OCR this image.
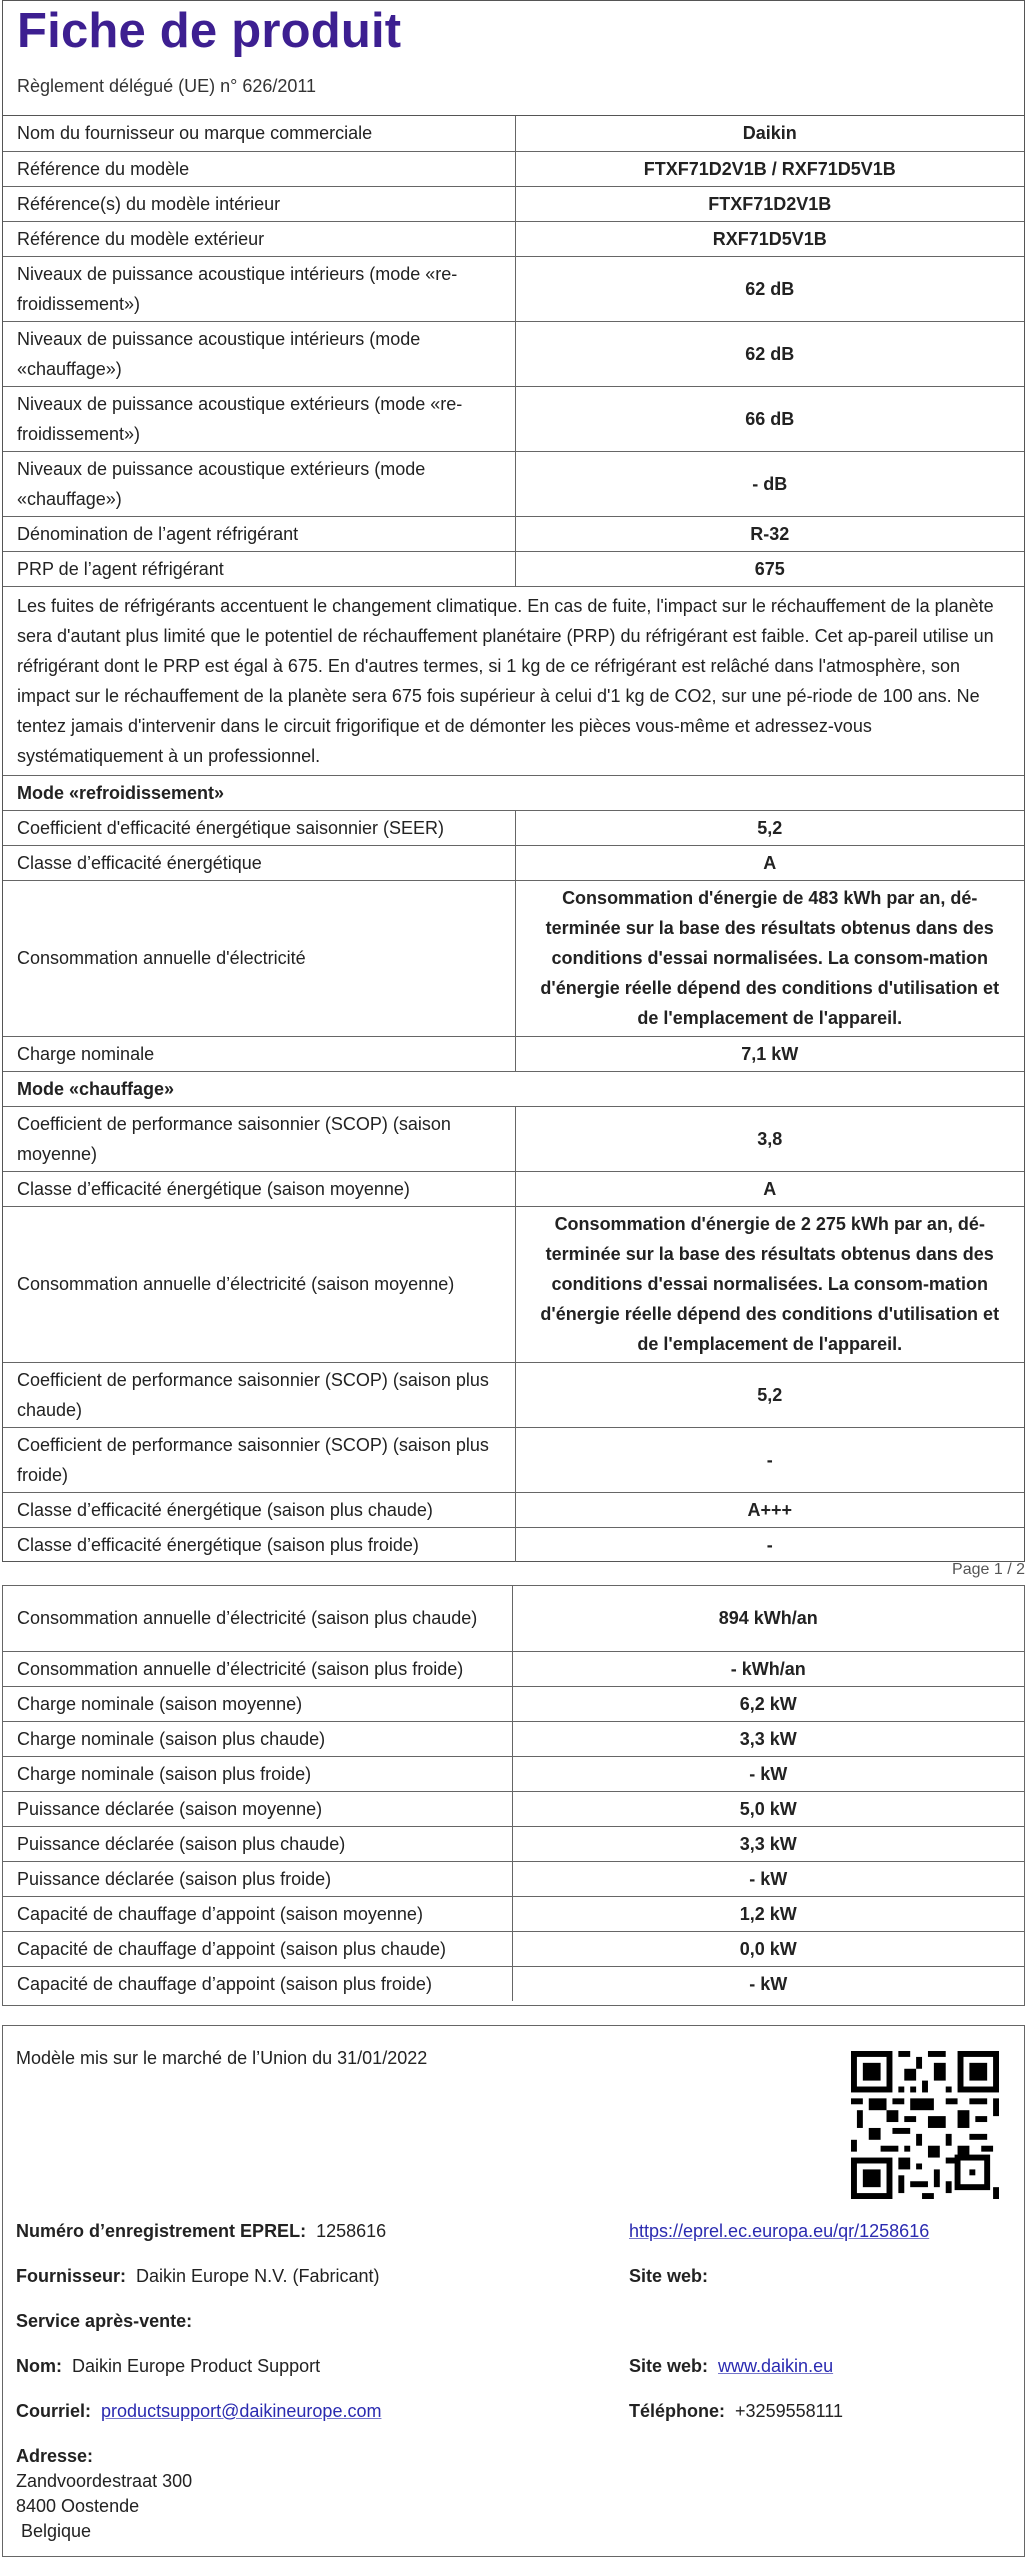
Fiche de produit
Règlement délégué (UE) n° 626/2011
Nom du fournisseur ou marque commerciale	Daikin
Référence du modèle	FTXF71D2V1B / RXF71D5V1B
Référence(s) du modèle intérieur	FTXF71D2V1B
Référence du modèle extérieur	RXF71D5V1B
Niveaux de puissance acoustique intérieurs (mode «re-froidissement»)	62 dB
Niveaux de puissance acoustique intérieurs (mode «chauffage»)	62 dB
Niveaux de puissance acoustique extérieurs (mode «re-froidissement»)	66 dB
Niveaux de puissance acoustique extérieurs (mode «chauffage»)	- dB
Dénomination de l’agent réfrigérant	R-32
PRP de l’agent réfrigérant	675
Les fuites de réfrigérants accentuent le changement climatique. En cas de fuite, l'impact sur le réchauffement de la planète sera d'autant plus limité que le potentiel de réchauffement planétaire (PRP) du réfrigérant est faible. Cet ap-pareil utilise un réfrigérant dont le PRP est égal à 675. En d'autres termes, si 1 kg de ce réfrigérant est relâché dans l'atmosphère, son impact sur le réchauffement de la planète sera 675 fois supérieur à celui d'1 kg de CO2, sur une pé-riode de 100 ans. Ne tentez jamais d'intervenir dans le circuit frigorifique et de démonter les pièces vous-même et adressez-vous systématiquement à un professionnel.	
Mode «refroidissement»	
Coefficient d'efficacité énergétique saisonnier (SEER)	5,2
Classe d’efficacité énergétique	A
Consommation annuelle d'électricité	Consommation d'énergie de 483 kWh par an, dé-terminée sur la base des résultats obtenus dans des conditions d'essai normalisées. La consom-mation d'énergie réelle dépend des conditions d'utilisation et de l'emplacement de l'appareil.
Charge nominale	7,1 kW
Mode «chauffage»	
Coefficient de performance saisonnier (SCOP) (saison moyenne)	3,8
Classe d’efficacité énergétique (saison moyenne)	A
Consommation annuelle d’électricité (saison moyenne)	Consommation d'énergie de 2 275 kWh par an, dé-terminée sur la base des résultats obtenus dans des conditions d'essai normalisées. La consom-mation d'énergie réelle dépend des conditions d'utilisation et de l'emplacement de l'appareil.
Coefficient de performance saisonnier (SCOP) (saison plus chaude)	5,2
Coefficient de performance saisonnier (SCOP) (saison plus froide)	-
Classe d’efficacité énergétique (saison plus chaude)	A+++
Classe d’efficacité énergétique (saison plus froide)	-
Page 1 / 2
Consommation annuelle d’électricité (saison plus chaude)	894 kWh/an
Consommation annuelle d’électricité (saison plus froide)	- kWh/an
Charge nominale (saison moyenne)	6,2 kW
Charge nominale (saison plus chaude)	3,3 kW
Charge nominale (saison plus froide)	- kW
Puissance déclarée (saison moyenne)	5,0 kW
Puissance déclarée (saison plus chaude)	3,3 kW
Puissance déclarée (saison plus froide)	- kW
Capacité de chauffage d’appoint (saison moyenne)	1,2 kW
Capacité de chauffage d’appoint (saison plus chaude)	0,0 kW
Capacité de chauffage d’appoint (saison plus froide)	- kW
Modèle mis sur le marché de l’Union du 31/01/2022
Numéro d’enregistrement EPREL: 1258616	https://eprel.ec.europa.eu/qr/1258616
Fournisseur: Daikin Europe N.V. (Fabricant)	Site web:
Service après-vente:
Nom: Daikin Europe Product Support	Site web: www.daikin.eu
Courriel: productsupport@daikineurope.com	Téléphone: +3259558111
Adresse:
Zandvoordestraat 300
8400 Oostende
Belgique
